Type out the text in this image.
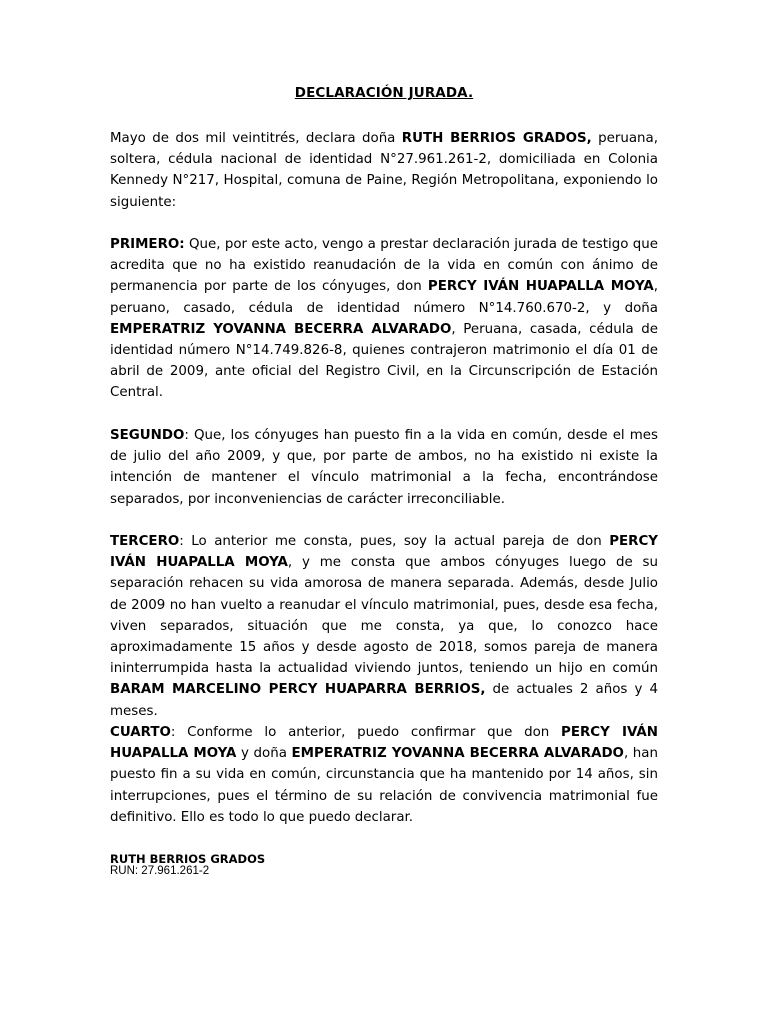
DECLARACIÓN JURADA.

Mayo de dos mil veintitrés, declara doña RUTH BERRIOS GRADOS, peruana, soltera, cédula nacional de identidad N°27.961.261-2, domiciliada en Colonia Kennedy N°217, Hospital, comuna de Paine, Región Metropolitana, exponiendo lo siguiente:

PRIMERO: Que, por este acto, vengo a prestar declaración jurada de testigo que acredita que no ha existido reanudación de la vida en común con ánimo de permanencia por parte de los cónyuges, don PERCY IVÁN HUAPALLA MOYA, peruano, casado, cédula de identidad número N°14.760.670-2, y doña EMPERATRIZ YOVANNA BECERRA ALVARADO, Peruana, casada, cédula de identidad número N°14.749.826-8, quienes contrajeron matrimonio el día 01 de abril de 2009, ante oficial del Registro Civil, en la Circunscripción de Estación Central.

SEGUNDO: Que, los cónyuges han puesto fin a la vida en común, desde el mes de julio del año 2009, y que, por parte de ambos, no ha existido ni existe la intención de mantener el vínculo matrimonial a la fecha, encontrándose separados, por inconveniencias de carácter irreconciliable.

TERCERO: Lo anterior me consta, pues, soy la actual pareja de don PERCY IVÁN HUAPALLA MOYA, y me consta que ambos cónyuges luego de su separación rehacen su vida amorosa de manera separada. Además, desde Julio de 2009 no han vuelto a reanudar el vínculo matrimonial, pues, desde esa fecha, viven separados, situación que me consta, ya que, lo conozco hace aproximadamente 15 años y desde agosto de 2018, somos pareja de manera ininterrumpida hasta la actualidad viviendo juntos, teniendo un hijo en común BARAM MARCELINO PERCY HUAPARRA BERRIOS, de actuales 2 años y 4 meses.

CUARTO: Conforme lo anterior, puedo confirmar que don PERCY IVÁN HUAPALLA MOYA y doña EMPERATRIZ YOVANNA BECERRA ALVARADO, han puesto fin a su vida en común, circunstancia que ha mantenido por 14 años, sin interrupciones, pues el término de su relación de convivencia matrimonial fue definitivo. Ello es todo lo que puedo declarar.

RUTH BERRIOS GRADOS
RUN: 27.961.261-2
